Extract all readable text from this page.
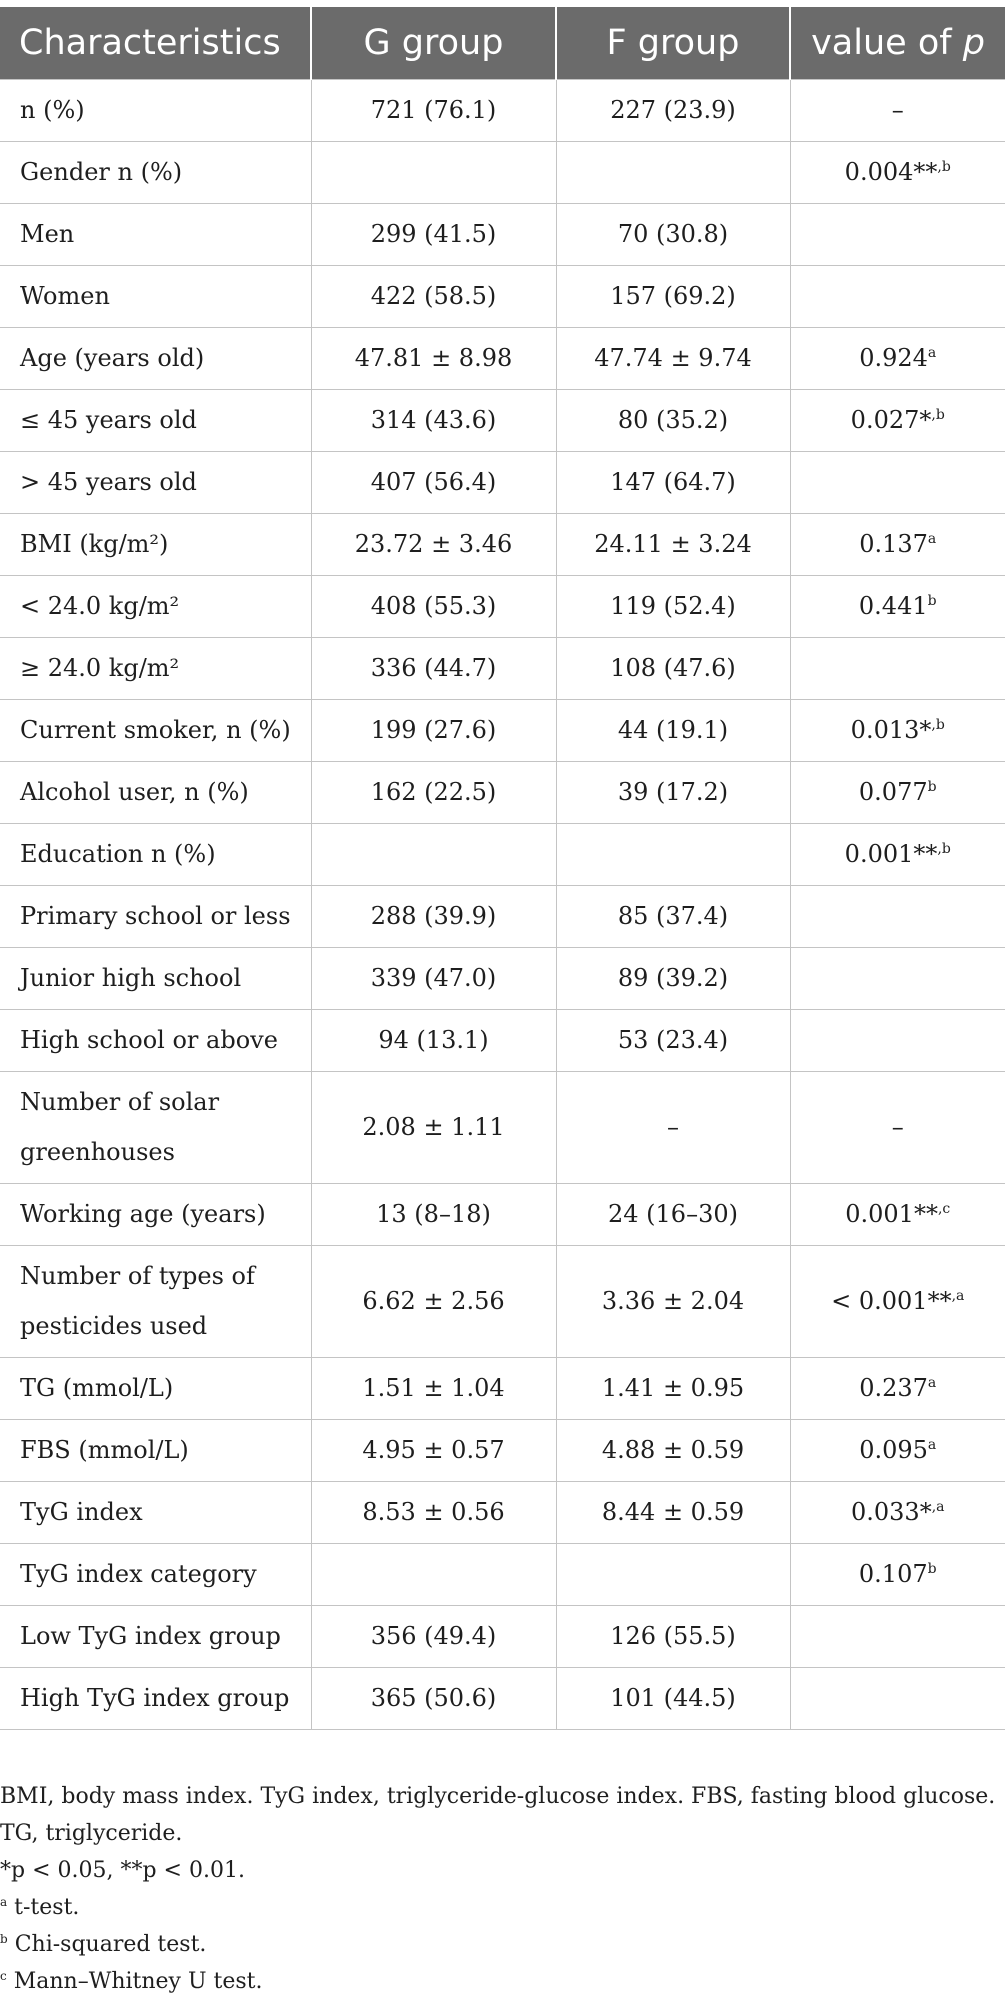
Characteristics	G group	F group	value of p
n (%)	721 (76.1)	227 (23.9)	–
Gender n (%)			0.004**$^{,b}$
Men	299 (41.5)	70 (30.8)	
Women	422 (58.5)	157 (69.2)	
Age (years old)	47.81 ± 8.98	47.74 ± 9.74	0.924$^a$
≤ 45 years old	314 (43.6)	80 (35.2)	0.027*$^{,b}$
> 45 years old	407 (56.4)	147 (64.7)	
BMI (kg/m²)	23.72 ± 3.46	24.11 ± 3.24	0.137$^a$
< 24.0 kg/m²	408 (55.3)	119 (52.4)	0.441$^b$
≥ 24.0 kg/m²	336 (44.7)	108 (47.6)	
Current smoker, n (%)	199 (27.6)	44 (19.1)	0.013*$^{,b}$
Alcohol user, n (%)	162 (22.5)	39 (17.2)	0.077$^b$
Education n (%)			0.001**$^{,b}$
Primary school or less	288 (39.9)	85 (37.4)	
Junior high school	339 (47.0)	89 (39.2)	
High school or above	94 (13.1)	53 (23.4)	
Number of solar greenhouses	2.08 ± 1.11	–	–
Working age (years)	13 (8–18)	24 (16–30)	0.001**$^{,c}$
Number of types of pesticides used	6.62 ± 2.56	3.36 ± 2.04	< 0.001**$^{,a}$
TG (mmol/L)	1.51 ± 1.04	1.41 ± 0.95	0.237$^a$
FBS (mmol/L)	4.95 ± 0.57	4.88 ± 0.59	0.095$^a$
TyG index	8.53 ± 0.56	8.44 ± 0.59	0.033*$^{,a}$
TyG index category			0.107$^b$
Low TyG index group	356 (49.4)	126 (55.5)	
High TyG index group	365 (50.6)	101 (44.5)	

BMI, body mass index. TyG index, triglyceride-glucose index. FBS, fasting blood glucose. TG, triglyceride.

*p < 0.05, **p < 0.01.

$^a$ t-test.

$^b$ Chi-squared test.

$^c$ Mann–Whitney U test.
